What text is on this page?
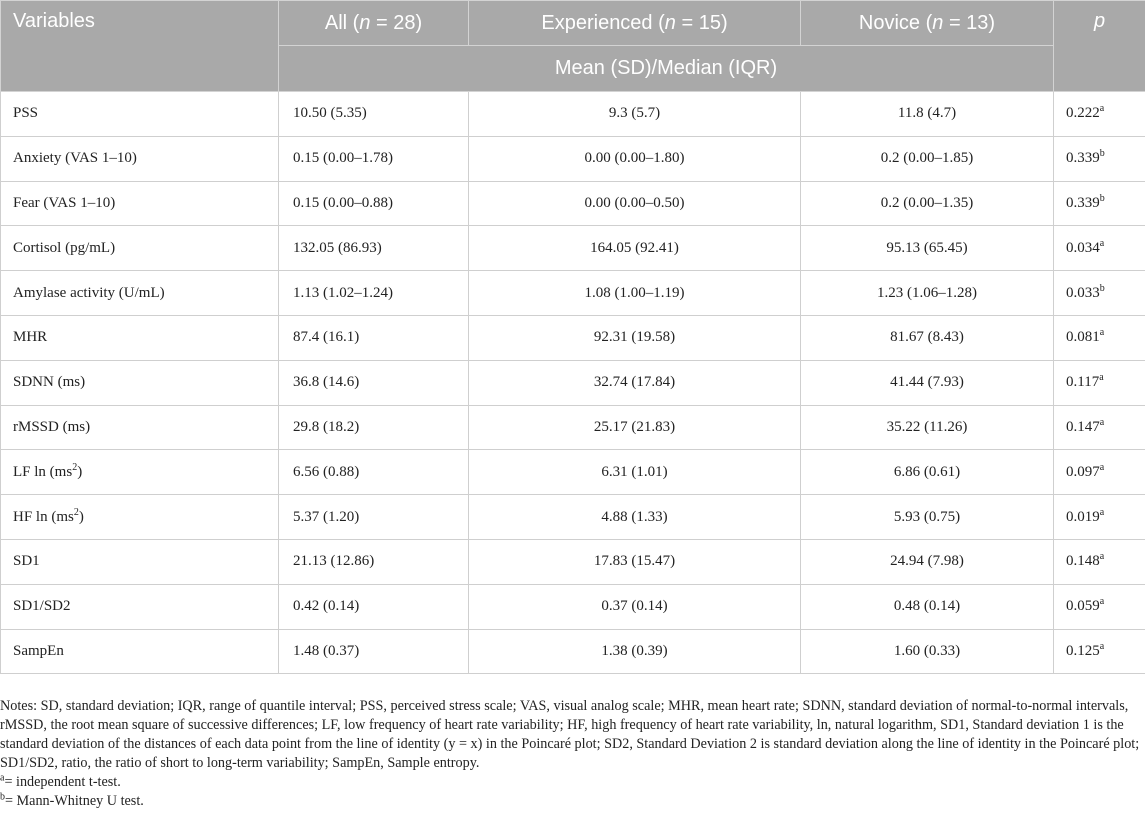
Variables	All (n = 28)	Experienced (n = 15)	Novice (n = 13)	p
	Mean (SD)/Median (IQR)			
PSS	10.50 (5.35)	9.3 (5.7)	11.8 (4.7)	0.222$^a$
Anxiety (VAS 1–10)	0.15 (0.00–1.78)	0.00 (0.00–1.80)	0.2 (0.00–1.85)	0.339$^b$
Fear (VAS 1–10)	0.15 (0.00–0.88)	0.00 (0.00–0.50)	0.2 (0.00–1.35)	0.339$^b$
Cortisol (pg/mL)	132.05 (86.93)	164.05 (92.41)	95.13 (65.45)	0.034$^a$
Amylase activity (U/mL)	1.13 (1.02–1.24)	1.08 (1.00–1.19)	1.23 (1.06–1.28)	0.033$^b$
MHR	87.4 (16.1)	92.31 (19.58)	81.67 (8.43)	0.081$^a$
SDNN (ms)	36.8 (14.6)	32.74 (17.84)	41.44 (7.93)	0.117$^a$
rMSSD (ms)	29.8 (18.2)	25.17 (21.83)	35.22 (11.26)	0.147$^a$
LF $\ln (ms^2)$	6.56 (0.88)	6.31 (1.01)	6.86 (0.61)	0.097$^a$
HF $\ln (ms^2)$	5.37 (1.20)	4.88 (1.33)	5.93 (0.75)	0.019$^a$
SD1	21.13 (12.86)	17.83 (15.47)	24.94 (7.98)	0.148$^a$
SD1/SD2	0.42 (0.14)	0.37 (0.14)	0.48 (0.14)	0.059$^a$
SampEn	1.48 (0.37)	1.38 (0.39)	1.60 (0.33)	0.125$^a$

Notes: SD, standard deviation; IQR, range of quantile interval; PSS, perceived stress scale; VAS, visual analog scale; MHR, mean heart rate; SDNN, standard deviation of normal-to-normal intervals, rMSSD, the root mean square of successive differences; LF, low frequency of heart rate variability; HF, high frequency of heart rate variability, ln, natural logarithm, SD1, Standard deviation 1 is the standard deviation of the distances of each data point from the line of identity (y = x) in the Poincaré plot; SD2, Standard Deviation 2 is standard deviation along the line of identity in the Poincaré plot; SD1/SD2, ratio, the ratio of short to long-term variability; SampEn, Sample entropy.

$^a$= independent t-test.

$^b$= Mann-Whitney U test.
